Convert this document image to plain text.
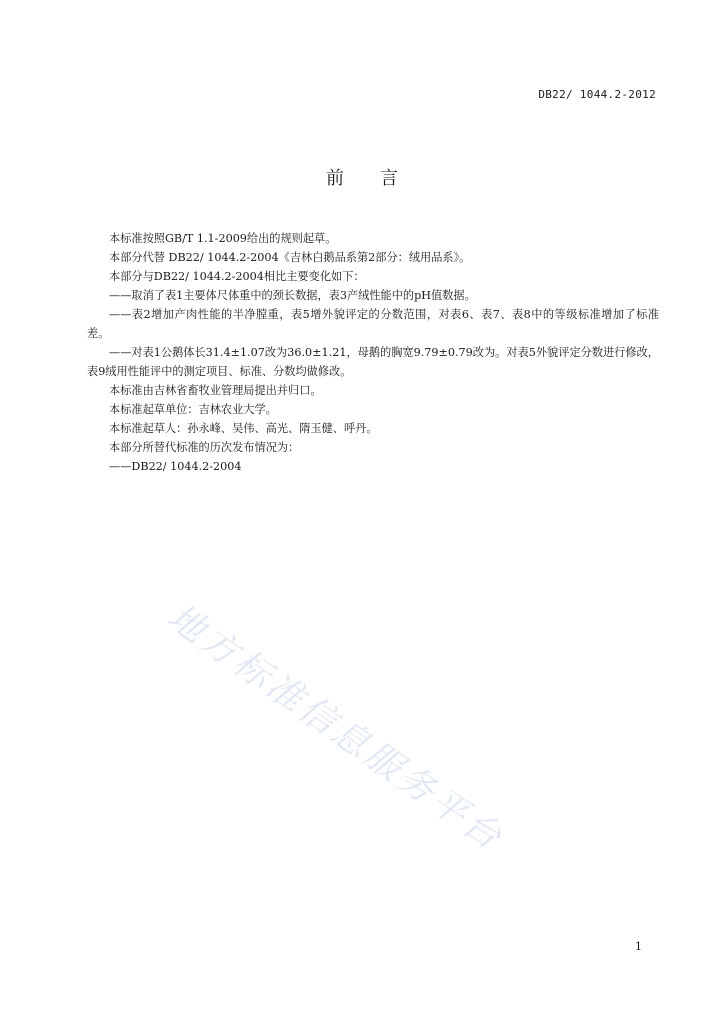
DB22/ 1044.2-2012
前言

本标准按照GB/T 1.1-2009给出的规则起草。

本部分代替 DB22/ 1044.2-2004《吉林白鹅品系第2部分：绒用品系》。

本部分与DB22/ 1044.2-2004相比主要变化如下：

——取消了表1主要体尺体重中的颈长数据，表3产绒性能中的pH值数据。

——表2增加产肉性能的半净膛重，表5增外貌评定的分数范围，对表6、表7、表8中的等级标准增加了标准差。

——对表1公鹅体长31.4±1.07改为36.0±1.21，母鹅的胸宽9.79±0.79改为。对表5外貌评定分数进行修改，表9绒用性能评中的测定项目、标准、分数均做修改。

本标准由吉林省畜牧业管理局提出并归口。

本标准起草单位：吉林农业大学。

本标准起草人：孙永峰、吴伟、高光、隋玉健、呼丹。

本部分所替代标准的历次发布情况为：

——DB22/ 1044.2-2004

地方标准信息服务平台
1
